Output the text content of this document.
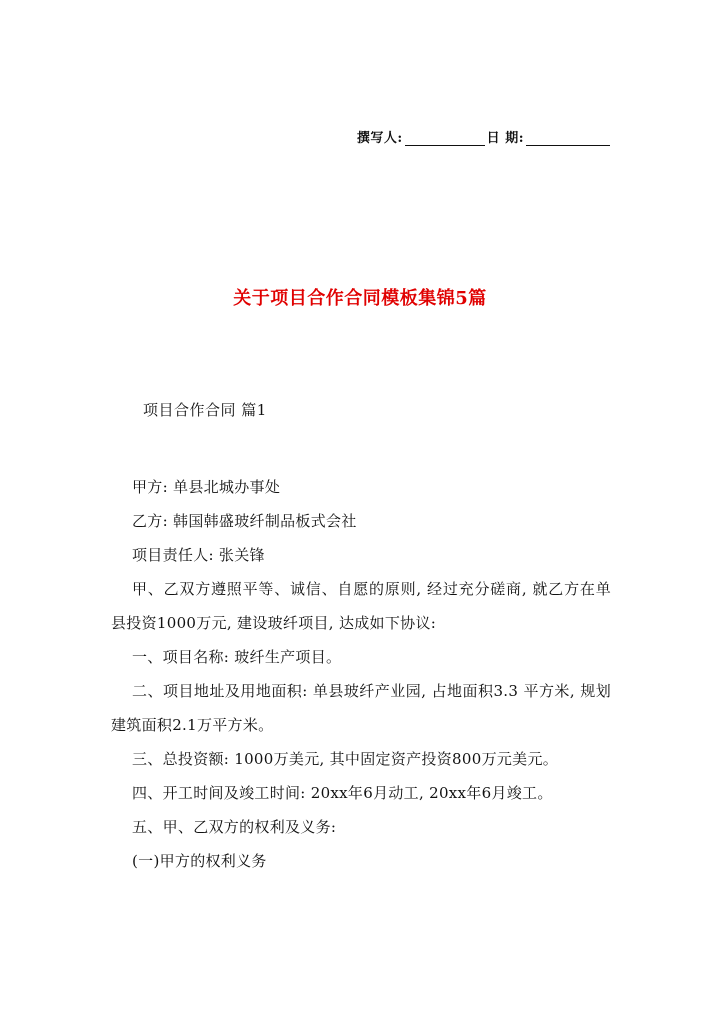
撰写人:	日 期:
关于项目合作合同模板集锦5篇
项目合作合同 篇1

甲方: 单县北城办事处

乙方: 韩国韩盛玻纤制品板式会社

项目责任人: 张关锋

甲、乙双方遵照平等、诚信、自愿的原则, 经过充分磋商, 就乙方在单县投资1000万元, 建设玻纤项目, 达成如下协议:

一、项目名称: 玻纤生产项目。

二、项目地址及用地面积: 单县玻纤产业园, 占地面积3.3 平方米, 规划建筑面积2.1万平方米。

三、总投资额: 1000万美元, 其中固定资产投资800万元美元。

四、开工时间及竣工时间: 20xx年6月动工, 20xx年6月竣工。

五、甲、乙双方的权利及义务:

(一)甲方的权利义务
